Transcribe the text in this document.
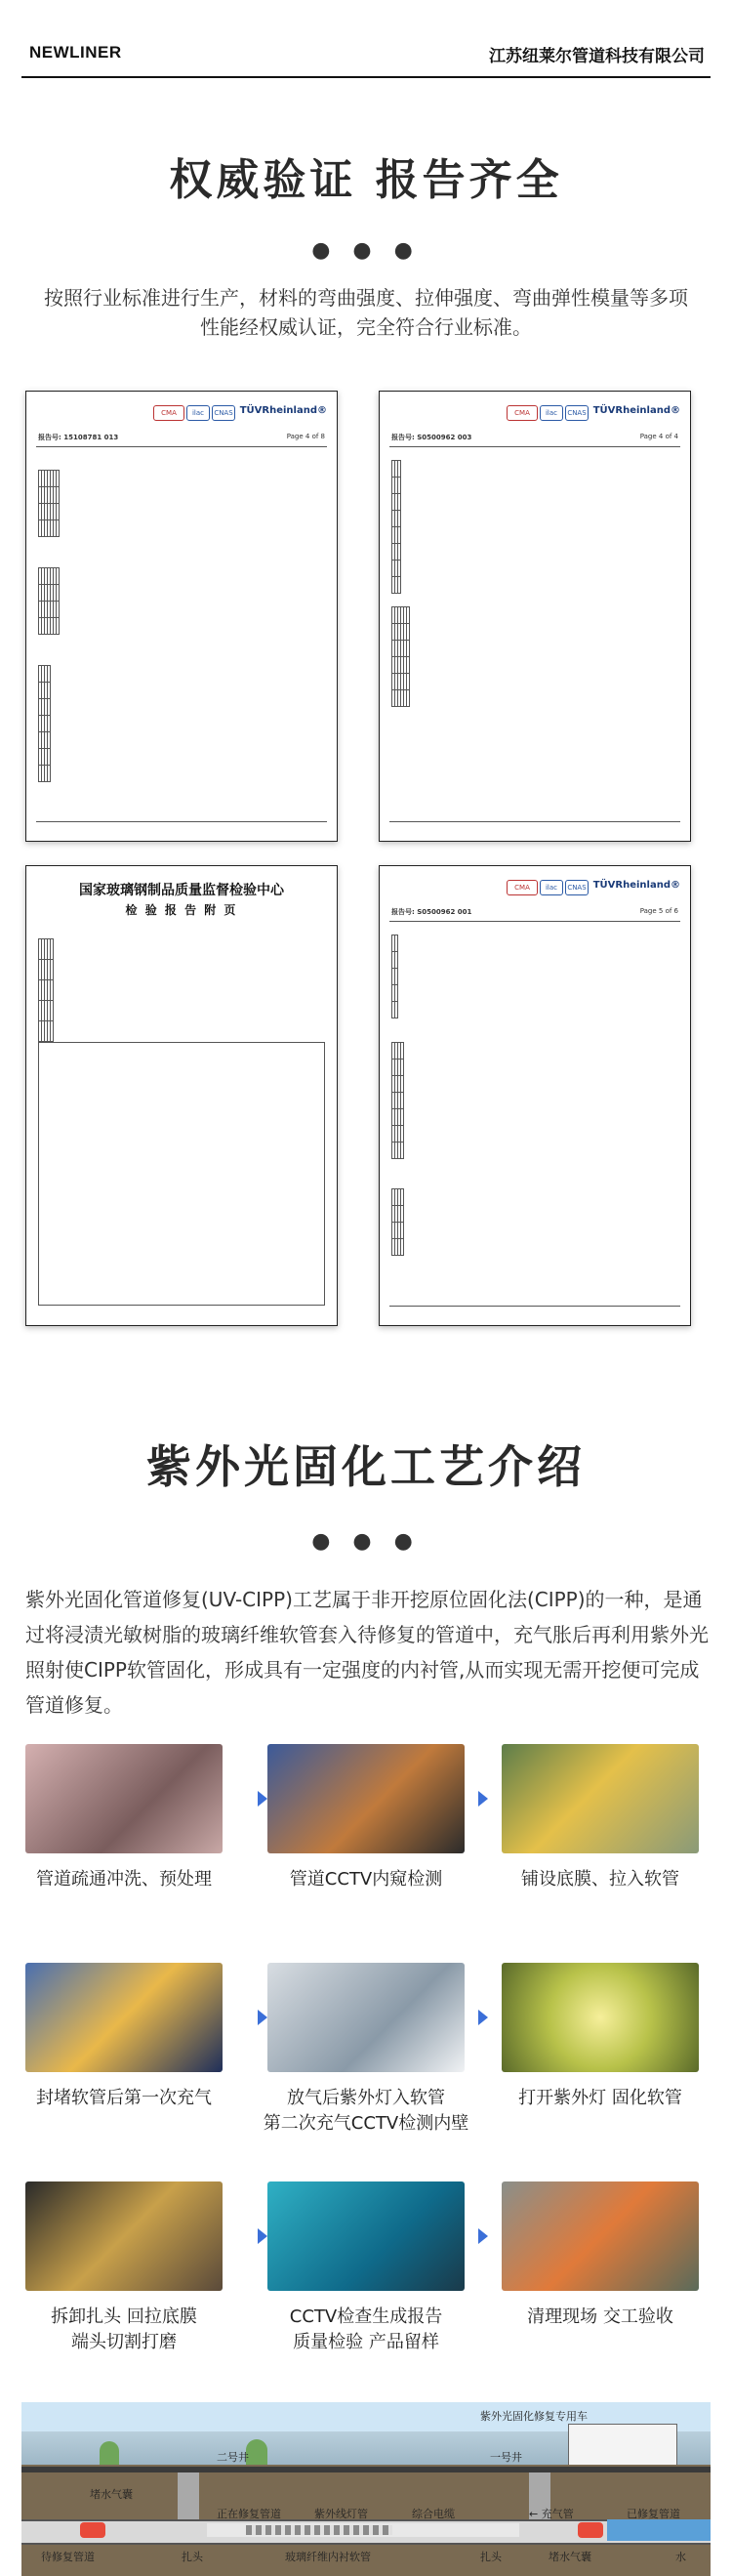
NEWLINER	江苏纽莱尔管道科技有限公司
权威验证 报告齐全
● ● ●
按照行业标准进行生产，材料的弯曲强度、拉伸强度、弯曲弹性模量等多项性能经权威认证，完全符合行业标准。
CMA	ilac	CNAS TÜVRheinland®
报告号: 15108781 013	Page 4 of 8

CMA	ilac	CNAS TÜVRheinland®
报告号: S0500962 003	Page 4 of 4

国家玻璃钢制品质量监督检验中心
检 验 报 告 附 页

CMA	ilac	CNAS TÜVRheinland®
报告号: S0500962 001	Page 5 of 6

紫外光固化工艺介绍
● ● ●
紫外光固化管道修复(UV-CIPP)工艺属于非开挖原位固化法(CIPP)的一种，是通过将浸渍光敏树脂的玻璃纤维软管套入待修复的管道中，充气胀后再利用紫外光照射使CIPP软管固化，形成具有一定强度的内衬管,从而实现无需开挖便可完成管道修复。
管道疏通冲洗、预处理	管道CCTV内窥检测	铺设底膜、拉入软管
封堵软管后第一次充气	放气后紫外灯入软管
第二次充气CCTV检测内壁
打开紫外灯 固化软管
拆卸扎头 回拉底膜
端头切割打磨
CCTV检查生成报告
质量检验 产品留样
清理现场 交工验收
紫外光固化修复专用车
二号井	一号井
堵水气囊
正在修复管道	紫外线灯管	综合电缆	← 充气管	已修复管道
待修复管道	扎头	玻璃纤维内衬软管	扎头	堵水气囊	水
